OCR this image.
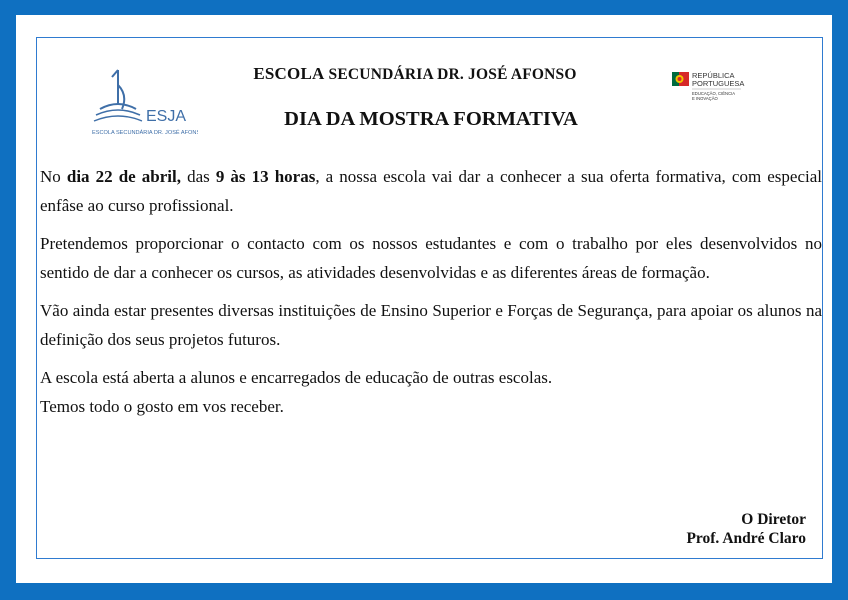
ESJA
ESCOLA SECUNDÁRIA DR. JOSÉ AFONSO
REPÚBLICA
PORTUGUESA
EDUCAÇÃO, CIÊNCIA
E INOVAÇÃO
ESCOLA SECUNDÁRIA DR. JOSÉ AFONSO
DIA DA MOSTRA FORMATIVA

No dia 22 de abril, das 9 às 13 horas, a nossa escola vai dar a conhecer a sua oferta formativa, com especial enfâse ao curso profissional.

Pretendemos proporcionar o contacto com os nossos estudantes e com o trabalho por eles desenvolvidos no sentido de dar a conhecer os cursos, as atividades desenvolvidas e as diferentes áreas de formação.

Vão ainda estar presentes diversas instituições de Ensino Superior e Forças de Segurança, para apoiar os alunos na definição dos seus projetos futuros.

A escola está aberta a alunos e encarregados de educação de outras escolas.

Temos todo o gosto em vos receber.

O Diretor
Prof. André Claro
